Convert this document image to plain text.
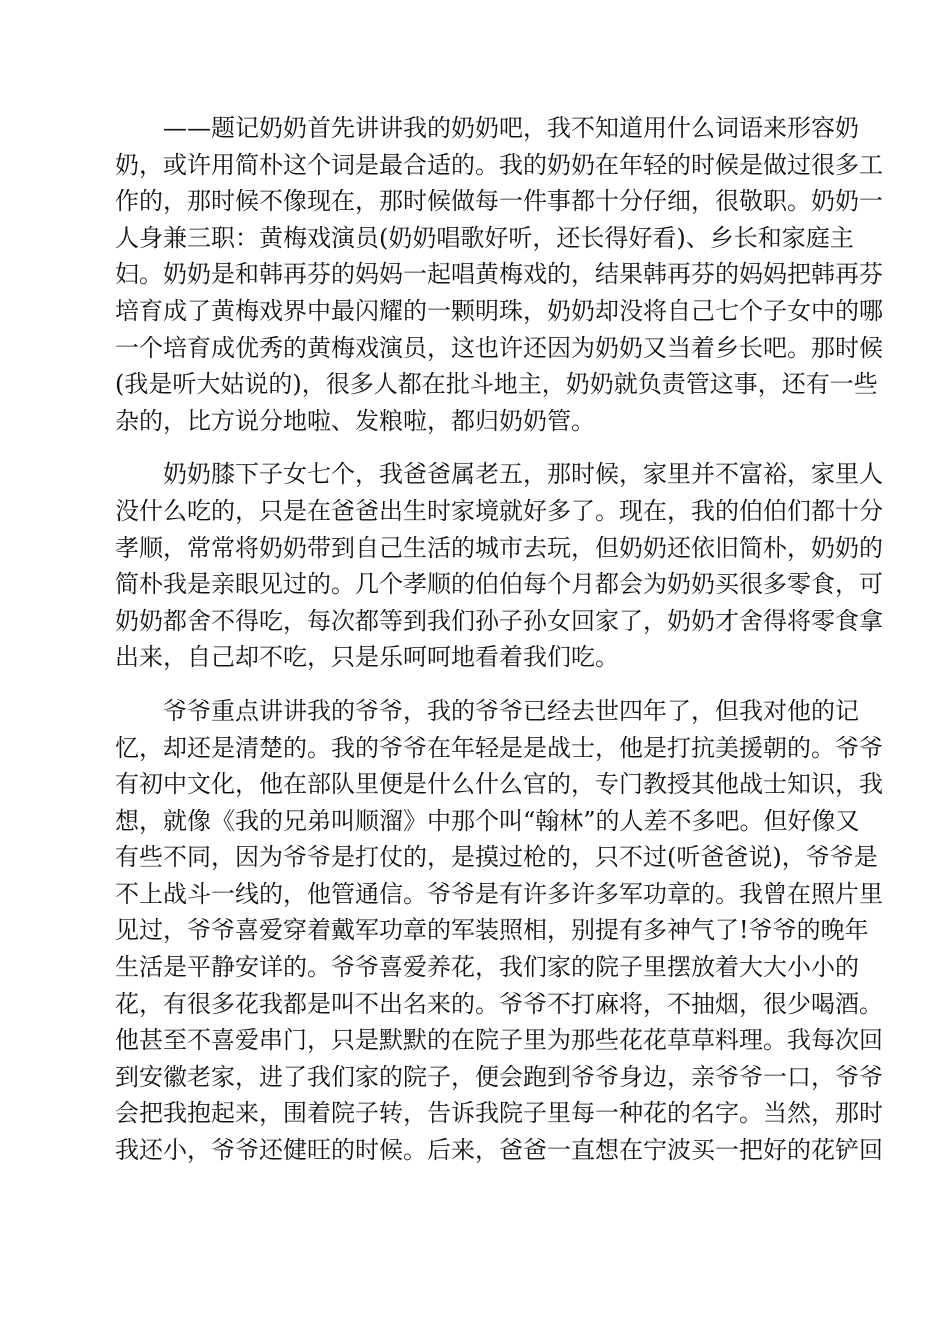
——题记奶奶首先讲讲我的奶奶吧，我不知道用什么词语来形容奶
奶，或许用简朴这个词是最合适的。我的奶奶在年轻的时候是做过很多工
作的，那时候不像现在，那时候做每一件事都十分仔细，很敬职。奶奶一
人身兼三职：黄梅戏演员(奶奶唱歌好听，还长得好看)、乡长和家庭主
妇。奶奶是和韩再芬的妈妈一起唱黄梅戏的，结果韩再芬的妈妈把韩再芬
培育成了黄梅戏界中最闪耀的一颗明珠，奶奶却没将自己七个子女中的哪
一个培育成优秀的黄梅戏演员，这也许还因为奶奶又当着乡长吧。那时候
(我是听大姑说的)，很多人都在批斗地主，奶奶就负责管这事，还有一些
杂的，比方说分地啦、发粮啦，都归奶奶管。
奶奶膝下子女七个，我爸爸属老五，那时候，家里并不富裕，家里人
没什么吃的，只是在爸爸出生时家境就好多了。现在，我的伯伯们都十分
孝顺，常常将奶奶带到自己生活的城市去玩，但奶奶还依旧简朴，奶奶的
简朴我是亲眼见过的。几个孝顺的伯伯每个月都会为奶奶买很多零食，可
奶奶都舍不得吃，每次都等到我们孙子孙女回家了，奶奶才舍得将零食拿
出来，自己却不吃，只是乐呵呵地看着我们吃。
爷爷重点讲讲我的爷爷，我的爷爷已经去世四年了，但我对他的记
忆，却还是清楚的。我的爷爷在年轻是是战士，他是打抗美援朝的。爷爷
有初中文化，他在部队里便是什么什么官的，专门教授其他战士知识，我
想，就像《我的兄弟叫顺溜》中那个叫“翰林”的人差不多吧。但好像又
有些不同，因为爷爷是打仗的，是摸过枪的，只不过(听爸爸说)，爷爷是
不上战斗一线的，他管通信。爷爷是有许多许多军功章的。我曾在照片里
见过，爷爷喜爱穿着戴军功章的军装照相，别提有多神气了!爷爷的晚年
生活是平静安详的。爷爷喜爱养花，我们家的院子里摆放着大大小小的
花，有很多花我都是叫不出名来的。爷爷不打麻将，不抽烟，很少喝酒。
他甚至不喜爱串门，只是默默的在院子里为那些花花草草料理。我每次回
到安徽老家，进了我们家的院子，便会跑到爷爷身边，亲爷爷一口，爷爷
会把我抱起来，围着院子转，告诉我院子里每一种花的名字。当然，那时
我还小，爷爷还健旺的时候。后来，爸爸一直想在宁波买一把好的花铲回
